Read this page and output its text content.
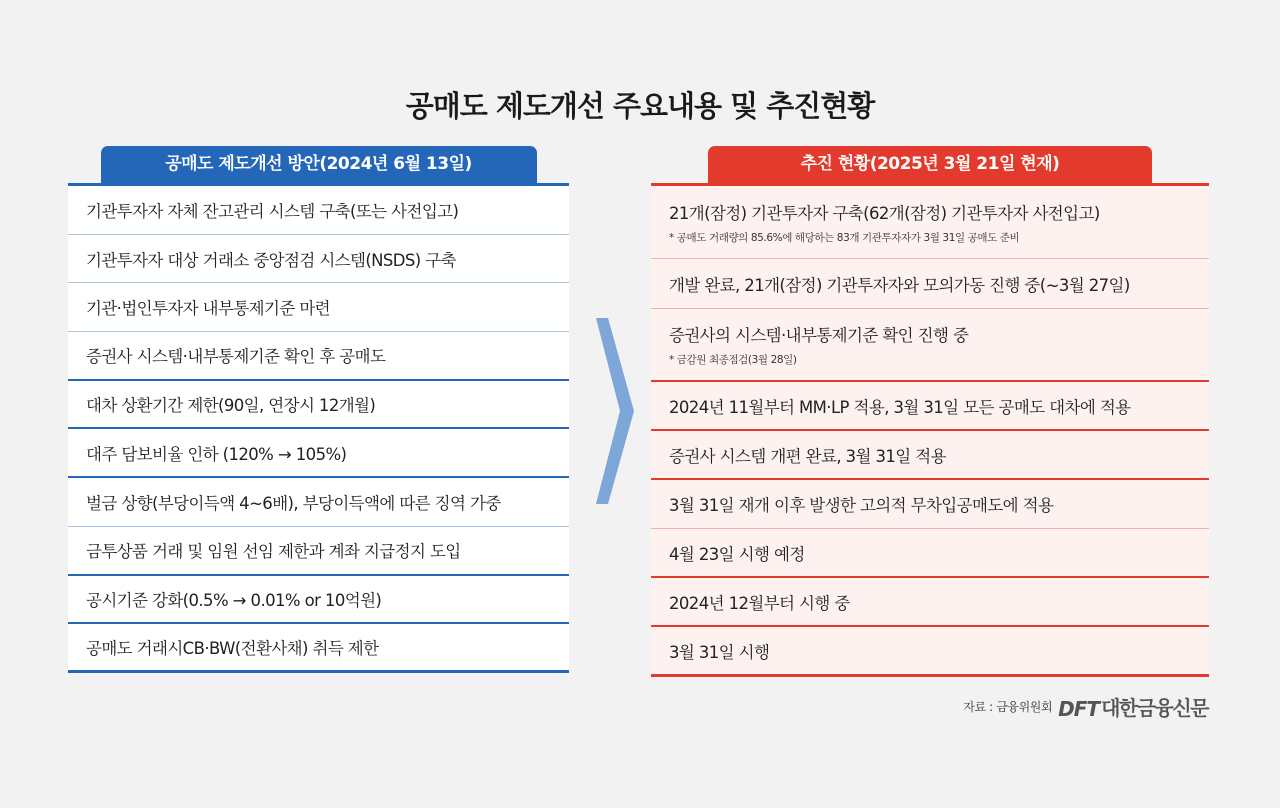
공매도 제도개선 주요내용 및 추진현황
공매도 제도개선 방안(2024년 6월 13일)
기관투자자 자체 잔고관리 시스템 구축(또는 사전입고)
기관투자자 대상 거래소 중앙점검 시스템(NSDS) 구축
기관·법인투자자 내부통제기준 마련
증권사 시스템·내부통제기준 확인 후 공매도
대차 상환기간 제한(90일, 연장시 12개월)
대주 담보비율 인하 (120% → 105%)
벌금 상향(부당이득액 4~6배), 부당이득액에 따른 징역 가중
금투상품 거래 및 임원 선임 제한과 계좌 지급정지 도입
공시기준 강화(0.5% → 0.01% or 10억원)
공매도 거래시CB·BW(전환사채) 취득 제한
추진 현황(2025년 3월 21일 현재)
21개(잠정) 기관투자자 구축(62개(잠정) 기관투자자 사전입고)
* 공매도 거래량의 85.6%에 해당하는 83개 기관투자자가 3월 31일 공매도 준비
개발 완료, 21개(잠정) 기관투자자와 모의가동 진행 중(~3월 27일)
증권사의 시스템·내부통제기준 확인 진행 중
* 금감원 최종점검(3월 28일)
2024년 11월부터 MM·LP 적용, 3월 31일 모든 공매도 대차에 적용
증권사 시스템 개편 완료, 3월 31일 적용
3월 31일 재개 이후 발생한 고의적 무차입공매도에 적용
4월 23일 시행 예정
2024년 12월부터 시행 중
3월 31일 시행
자료 : 금융위원회 DFT 대한금융신문
